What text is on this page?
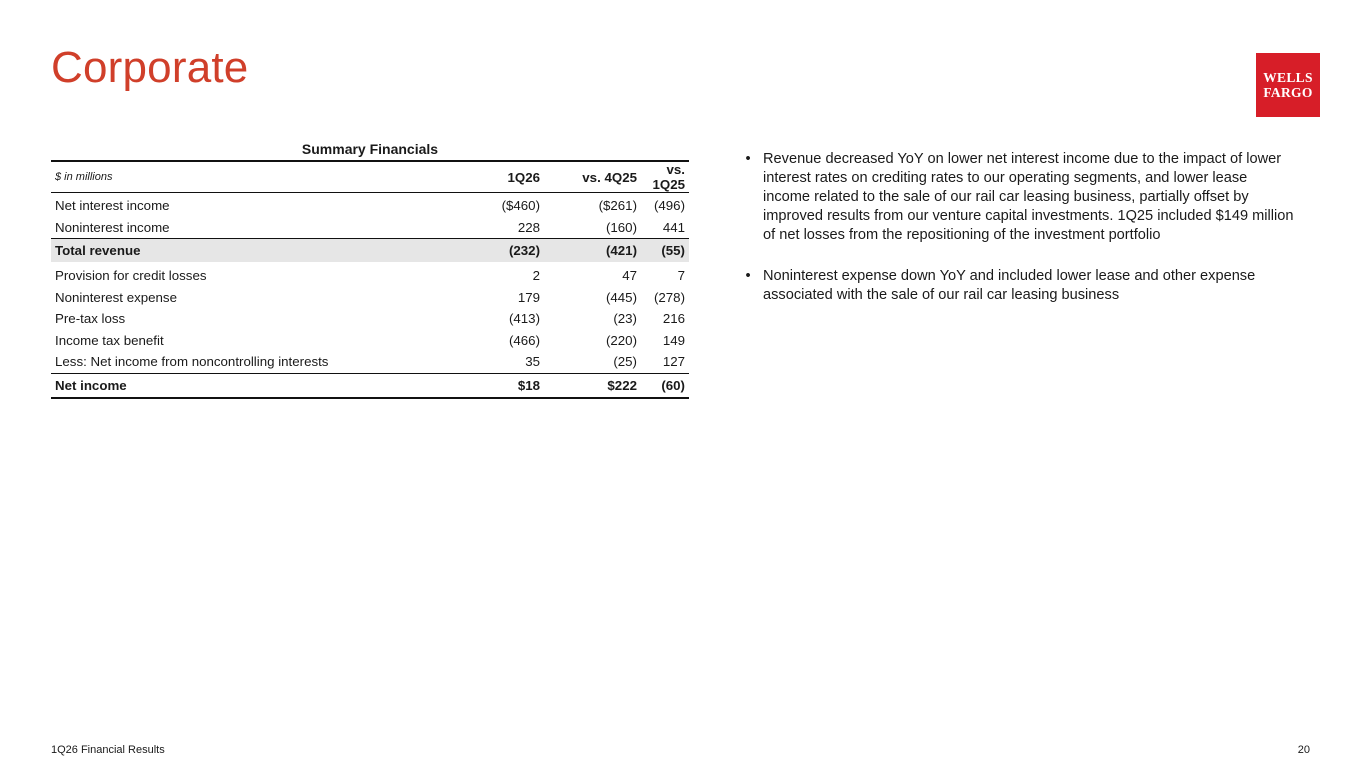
Corporate	WELLS
FARGO
Summary Financials
$ in millions	1Q26	vs. 4Q25	vs. 1Q25
Net interest income	($460)	($261)	(496)
Noninterest income	228	(160)	441
Total revenue	(232)	(421)	(55)
Provision for credit losses	2	47	7
Noninterest expense	179	(445)	(278)
Pre-tax loss	(413)	(23)	216
Income tax benefit	(466)	(220)	149
Less: Net income from noncontrolling interests	35	(25)	127
Net income	$18	$222	(60)
• Revenue decreased YoY on lower net interest income due to the impact of lower interest rates on crediting rates to our operating segments, and lower lease income related to the sale of our rail car leasing business, partially offset by improved results from our venture capital investments. 1Q25 included $149 million of net losses from the repositioning of the investment portfolio
• Noninterest expense down YoY and included lower lease and other expense associated with the sale of our rail car leasing business
1Q26 Financial Results	20
